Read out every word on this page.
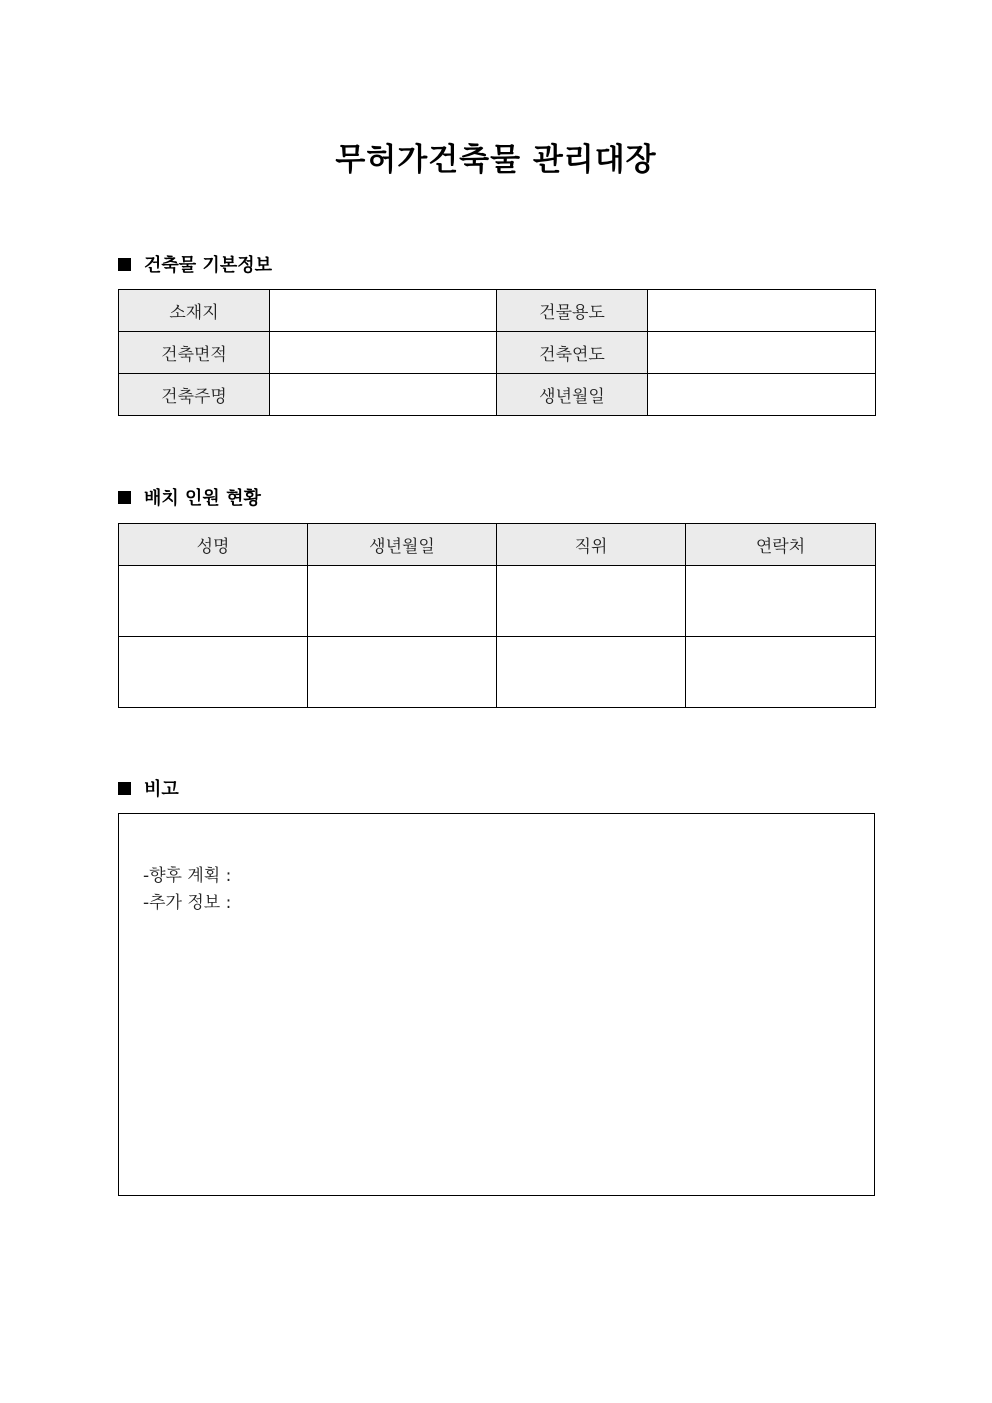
무허가건축물 관리대장
건축물 기본정보
소재지		건물용도	
건축면적		건축연도	
건축주명		생년월일	
배치 인원 현황
성명	생년월일	직위	연락처

비고
-향후 계획 :
-추가 정보 :
